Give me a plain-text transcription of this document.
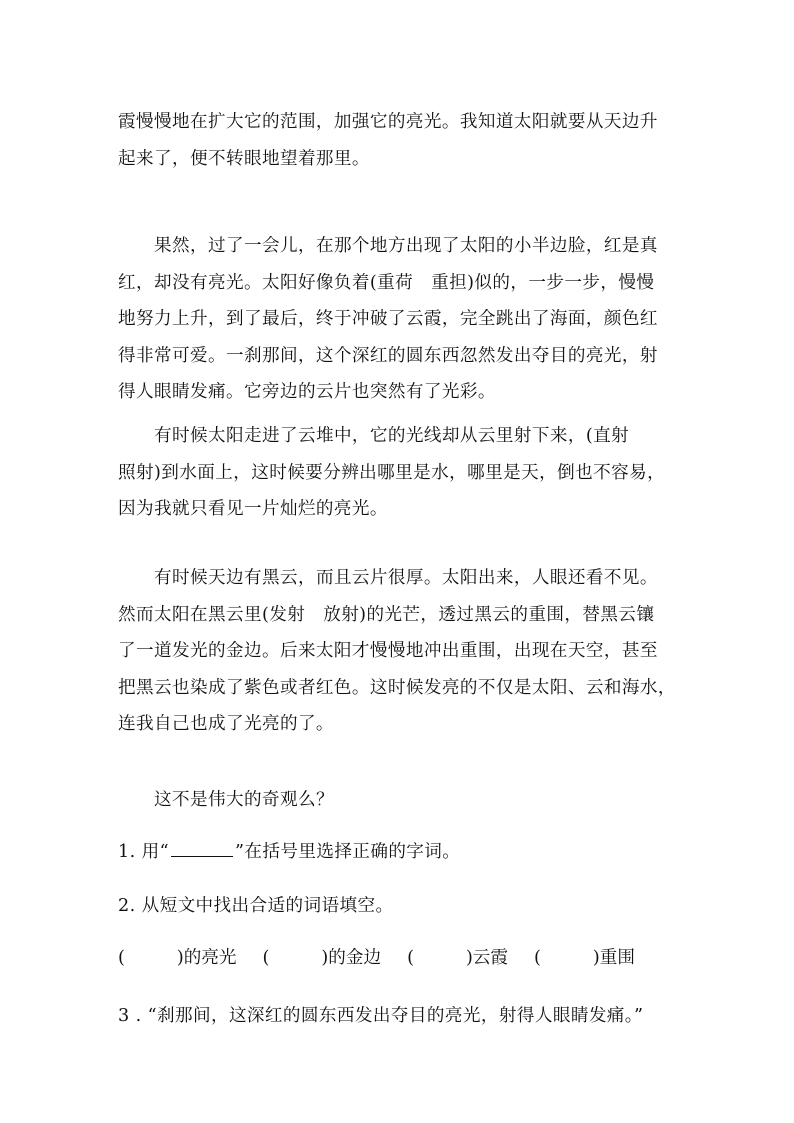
霞慢慢地在扩大它的范围，加强它的亮光。我知道太阳就要从天边升
起来了，便不转眼地望着那里。

果然，过了一会儿，在那个地方出现了太阳的小半边脸，红是真
红，却没有亮光。太阳好像负着(重荷　重担)似的，一步一步，慢慢
地努力上升，到了最后，终于冲破了云霞，完全跳出了海面，颜色红
得非常可爱。一刹那间，这个深红的圆东西忽然发出夺目的亮光，射
得人眼睛发痛。它旁边的云片也突然有了光彩。

有时候太阳走进了云堆中，它的光线却从云里射下来，(直射
照射)到水面上，这时候要分辨出哪里是水，哪里是天，倒也不容易，
因为我就只看见一片灿烂的亮光。

有时候天边有黑云，而且云片很厚。太阳出来，人眼还看不见。
然而太阳在黑云里(发射　放射)的光芒，透过黑云的重围，替黑云镶
了一道发光的金边。后来太阳才慢慢地冲出重围，出现在天空，甚至
把黑云也染成了紫色或者红色。这时候发亮的不仅是太阳、云和海水，
连我自己也成了光亮的了。

这不是伟大的奇观么？

1. 用“	”在括号里选择正确的字词。

2. 从短文中找出合适的词语填空。

(	)的亮光 (	)的金边 (	)云霞 (	)重围

3 . “刹那间，这深红的圆东西发出夺目的亮光，射得人眼睛发痛。”
